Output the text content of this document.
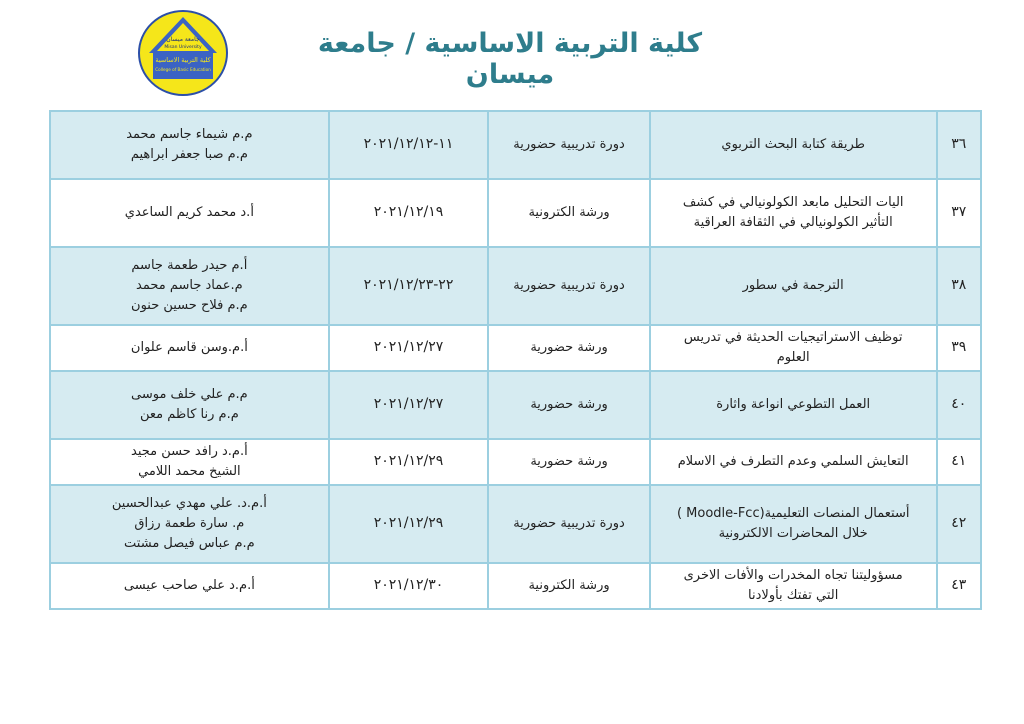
جامعة ميسان
Misan University
كلية التربية الاساسية
College of Basic Education
كلية التربية الاساسية / جامعة ميسان
٣٦	طريقة كتابة البحث التربوي	دورة تدريبية حضورية	١١-٢٠٢١/١٢/١٢	م.م شيماء جاسم محمد
م.م صبا جعفر ابراهيم

٣٧	اليات التحليل مابعد الكولونيالي في كشف
التأثير الكولونيالي في الثقافة العراقية	ورشة الكترونية	٢٠٢١/١٢/١٩	أ.د محمد كريم الساعدي

٣٨	الترجمة في سطور	دورة تدريبية حضورية	٢٢-٢٠٢١/١٢/٢٣	أ.م حيدر طعمة جاسم
م.عماد جاسم محمد
م.م فلاح حسين حنون

٣٩	توظيف الاستراتيجيات الحديثة في تدريس
العلوم	ورشة حضورية	٢٠٢١/١٢/٢٧	أ.م.وسن قاسم علوان

٤٠	العمل التطوعي انواعة واثارة	ورشة حضورية	٢٠٢١/١٢/٢٧	م.م علي خلف موسى
م.م رنا كاظم معن

٤١	التعايش السلمي وعدم التطرف في الاسلام	ورشة حضورية	٢٠٢١/١٢/٢٩	أ.م.د رافد حسن مجيد
الشيخ محمد اللامي

٤٢	أستعمال المنصات التعليمية(Moodle-Fcc )
خلال المحاضرات الالكترونية	دورة تدريبية حضورية	٢٠٢١/١٢/٢٩	أ.م.د. علي مهدي عبدالحسين
م. سارة طعمة رزاق
م.م عباس فيصل مشتت

٤٣	مسؤوليتنا تجاه المخدرات والأفات الاخرى
التي تفتك بأولادنا	ورشة الكترونية	٢٠٢١/١٢/٣٠	أ.م.د علي صاحب عيسى
